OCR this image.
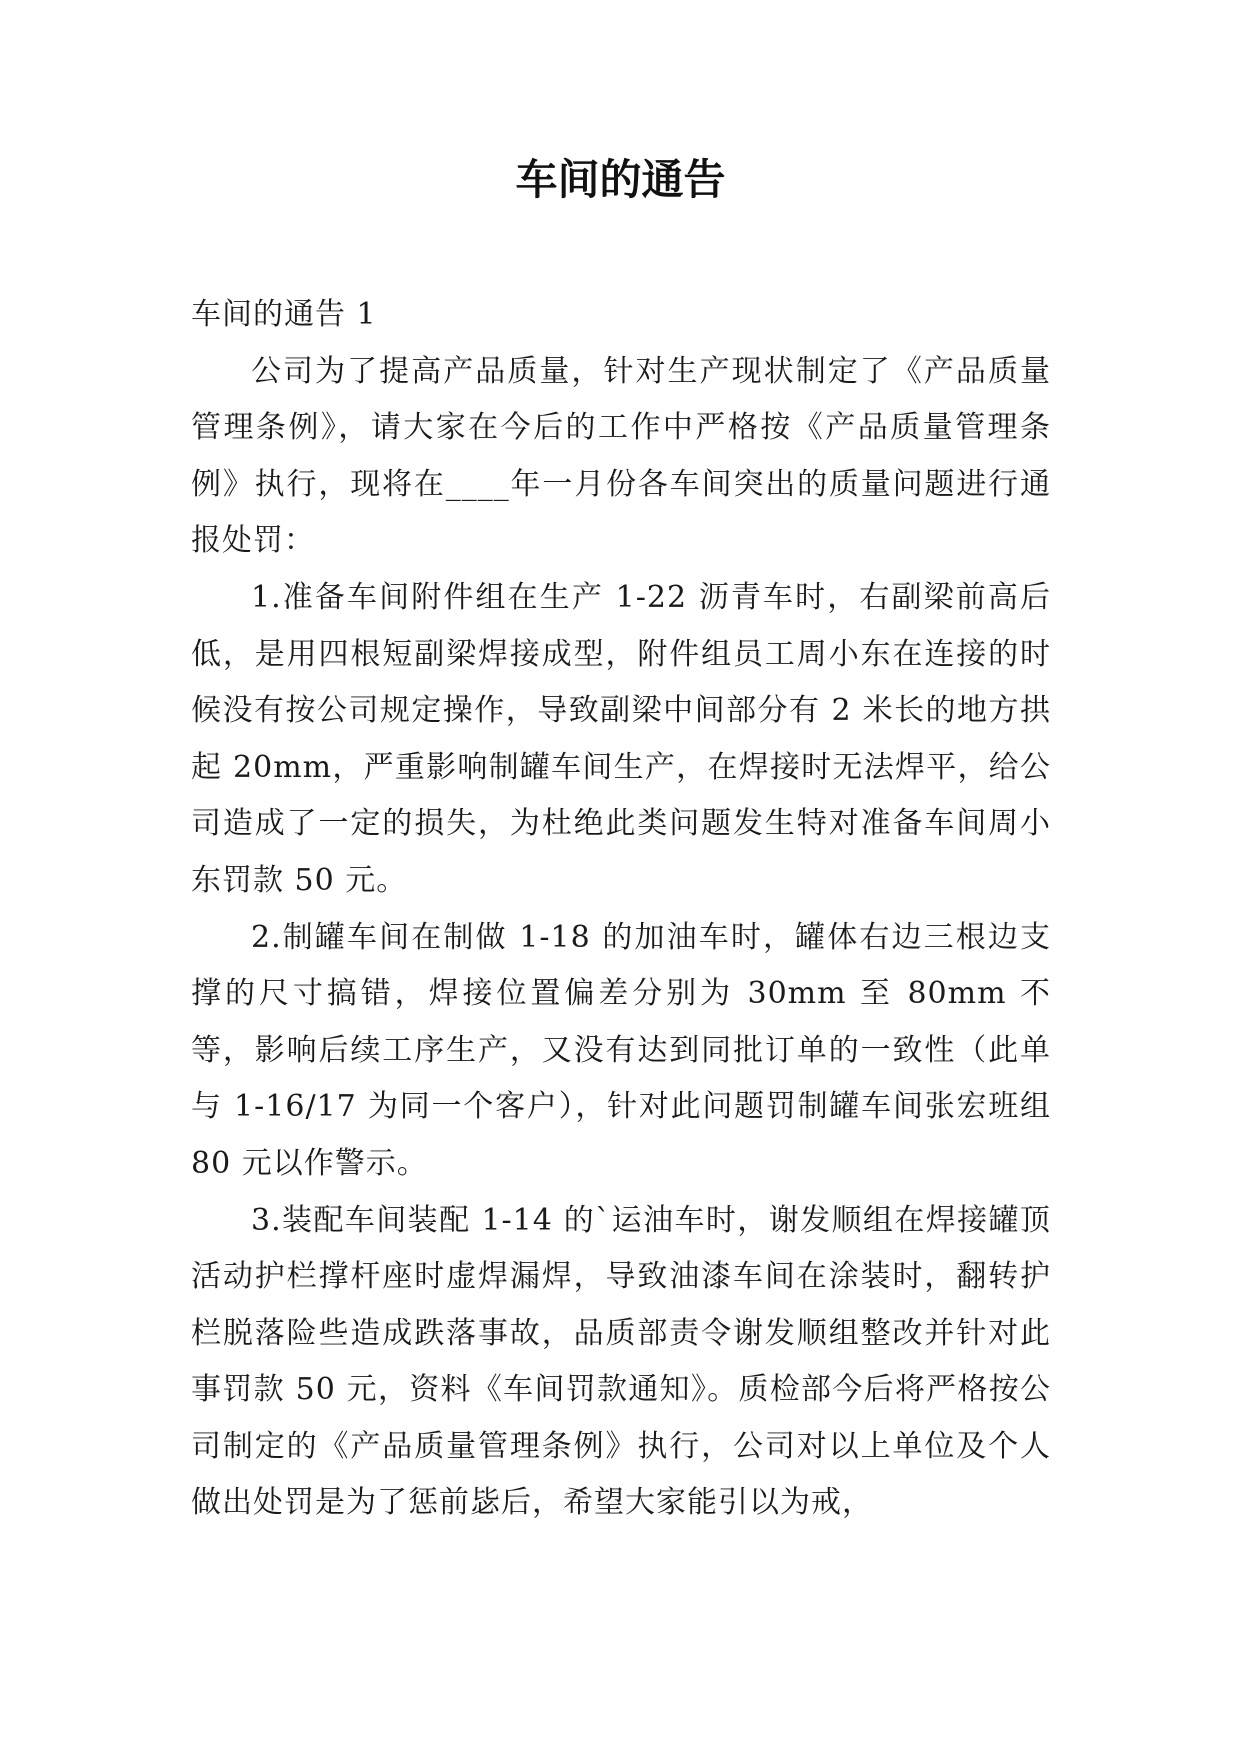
车间的通告

车间的通告 1

公司为了提高产品质量，针对生产现状制定了《产品质量管理条例》，请大家在今后的工作中严格按《产品质量管理条例》执行，现将在____年一月份各车间突出的质量问题进行通报处罚：

1.准备车间附件组在生产 1-22 沥青车时，右副梁前高后低，是用四根短副梁焊接成型，附件组员工周小东在连接的时候没有按公司规定操作，导致副梁中间部分有 2 米长的地方拱起 20mm，严重影响制罐车间生产，在焊接时无法焊平，给公司造成了一定的损失，为杜绝此类问题发生特对准备车间周小东罚款 50 元。

2.制罐车间在制做 1-18 的加油车时，罐体右边三根边支撑的尺寸搞错，焊接位置偏差分别为 30mm 至 80mm 不等，影响后续工序生产，又没有达到同批订单的一致性（此单与 1-16/17 为同一个客户），针对此问题罚制罐车间张宏班组 80 元以作警示。

3.装配车间装配 1-14 的`运油车时，谢发顺组在焊接罐顶活动护栏撑杆座时虚焊漏焊，导致油漆车间在涂装时，翻转护栏脱落险些造成跌落事故，品质部责令谢发顺组整改并针对此事罚款 50 元，资料《车间罚款通知》。质检部今后将严格按公司制定的《产品质量管理条例》执行，公司对以上单位及个人做出处罚是为了惩前毖后，希望大家能引以为戒，
